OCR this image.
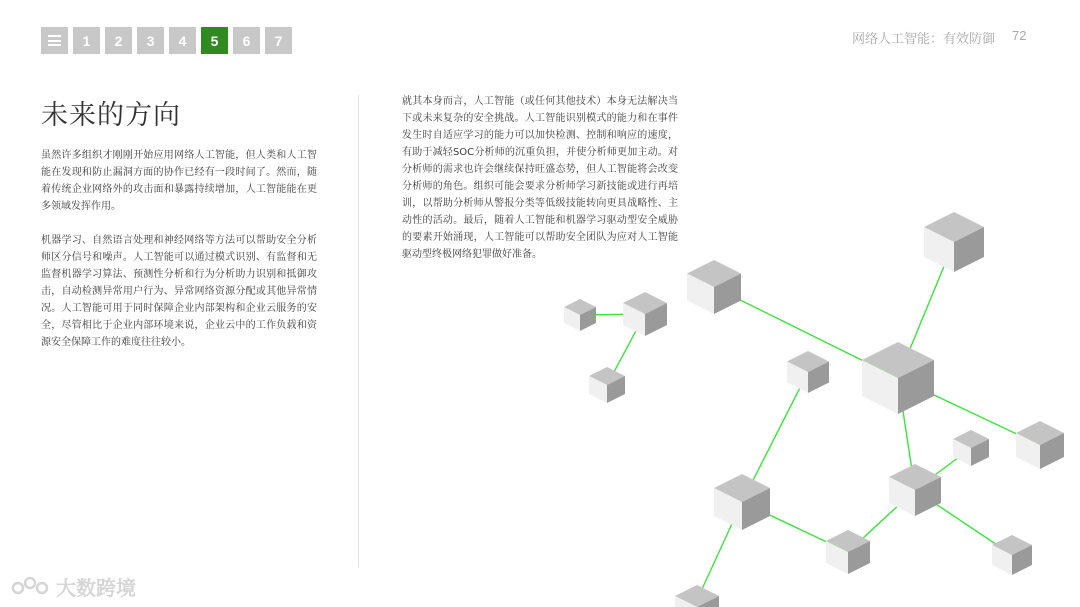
1	2	3	4	5	6	7	网络人工智能：有效防御 72
未来的方向

虽然许多组织才刚刚开始应用网络人工智能，但人类和人工智能在发现和防止漏洞方面的协作已经有一段时间了。然而，随着传统企业网络外的攻击面和暴露持续增加，人工智能能在更多领域发挥作用。

机器学习、自然语言处理和神经网络等方法可以帮助安全分析师区分信号和噪声。人工智能可以通过模式识别、有监督和无监督机器学习算法、预测性分析和行为分析助力识别和抵御攻击，自动检测异常用户行为、异常网络资源分配或其他异常情况。人工智能可用于同时保障企业内部架构和企业云服务的安全，尽管相比于企业内部环境来说，企业云中的工作负载和资源安全保障工作的难度往往较小。

就其本身而言，人工智能（或任何其他技术）本身无法解决当下或未来复杂的安全挑战。人工智能识别模式的能力和在事件发生时自适应学习的能力可以加快检测、控制和响应的速度，有助于减轻SOC分析师的沉重负担，并使分析师更加主动。对分析师的需求也许会继续保持旺盛态势，但人工智能将会改变分析师的角色。组织可能会要求分析师学习新技能或进行再培训，以帮助分析师从警报分类等低级技能转向更具战略性、主动性的活动。最后，随着人工智能和机器学习驱动型安全威胁的要素开始涌现，人工智能可以帮助安全团队为应对人工智能驱动型终极网络犯罪做好准备。

大数跨境
